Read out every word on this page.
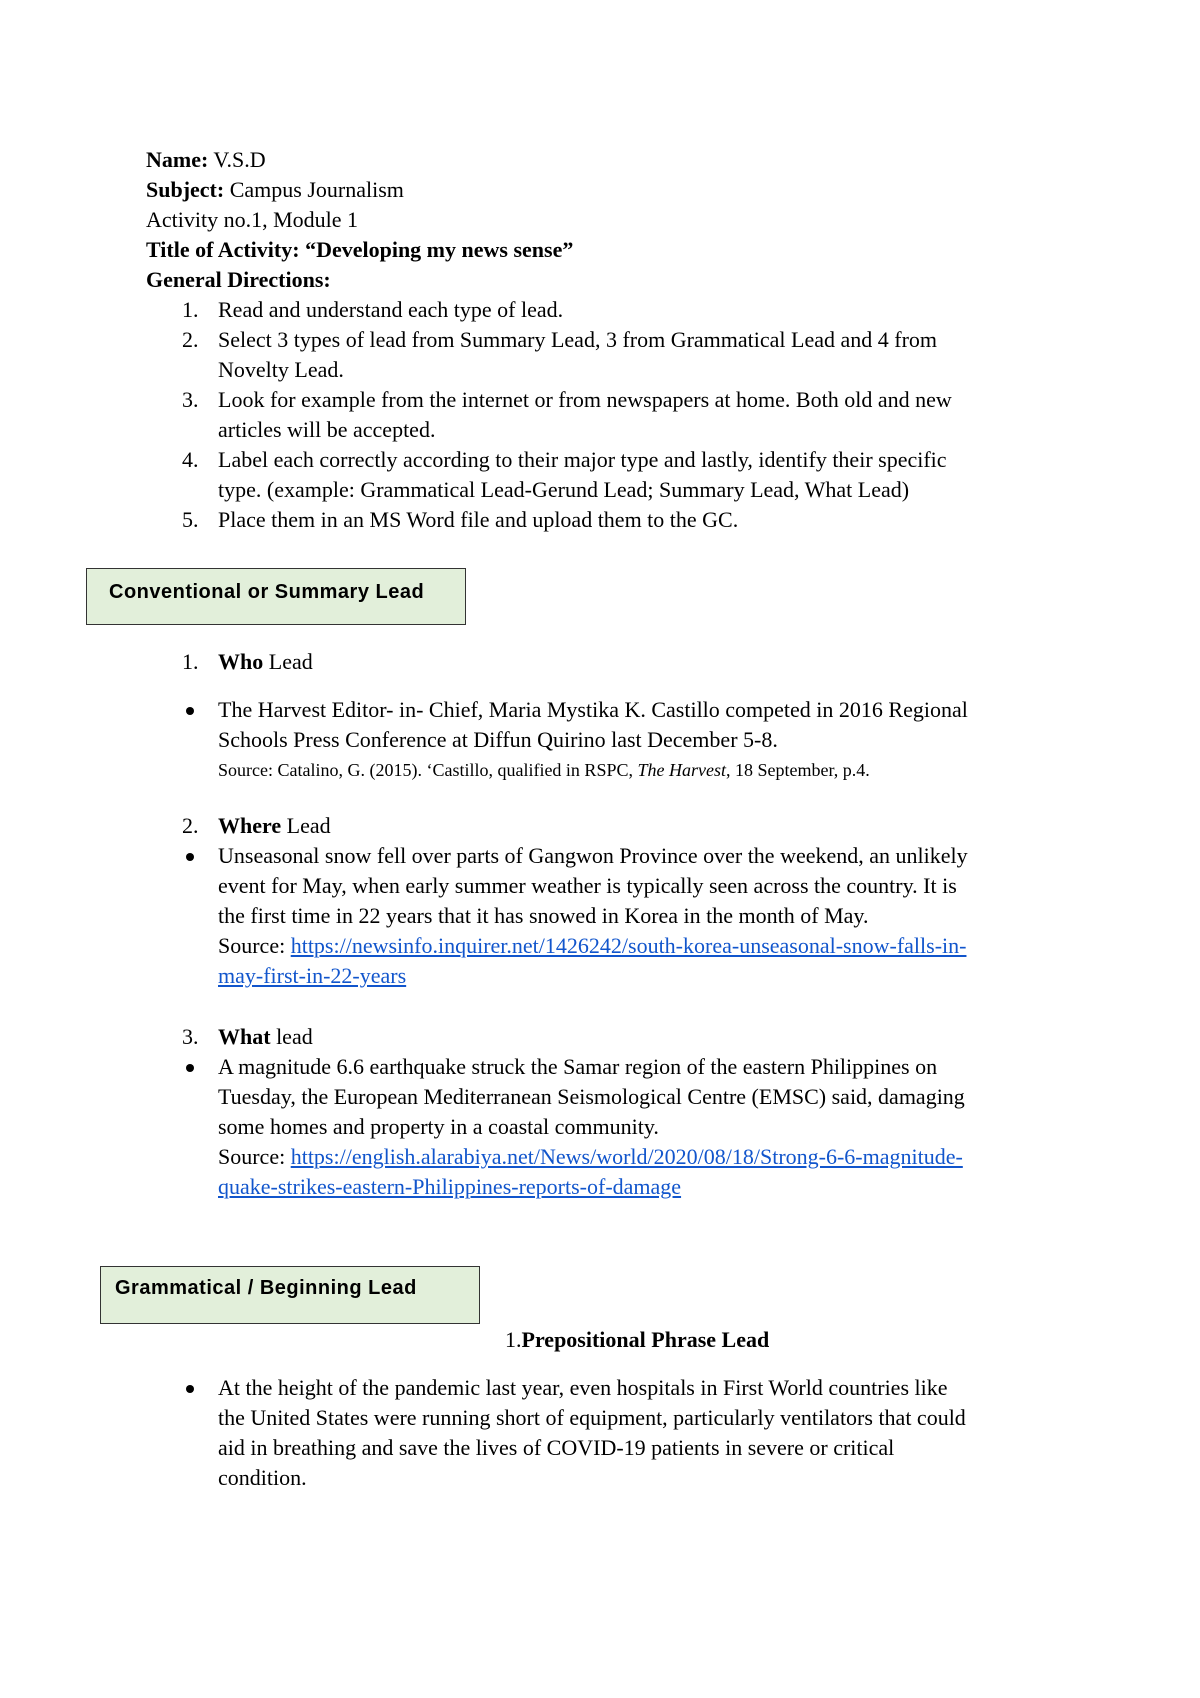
Name: V.S.D
Subject: Campus Journalism
Activity no.1, Module 1
Title of Activity: “Developing my news sense”
General Directions:
1. Read and understand each type of lead.
2. Select 3 types of lead from Summary Lead, 3 from Grammatical Lead and 4 from
Novelty Lead.
3. Look for example from the internet or from newspapers at home. Both old and new
articles will be accepted.
4. Label each correctly according to their major type and lastly, identify their specific
type. (example: Grammatical Lead-Gerund Lead; Summary Lead, What Lead)
5. Place them in an MS Word file and upload them to the GC.
Conventional or Summary Lead
1. Who Lead
The Harvest Editor- in- Chief, Maria Mystika K. Castillo competed in 2016 Regional
Schools Press Conference at Diffun Quirino last December 5-8.
Source: Catalino, G. (2015). ‘Castillo, qualified in RSPC, The Harvest, 18 September, p.4.
2. Where Lead
Unseasonal snow fell over parts of Gangwon Province over the weekend, an unlikely
event for May, when early summer weather is typically seen across the country. It is
the first time in 22 years that it has snowed in Korea in the month of May.
Source: https://newsinfo.inquirer.net/1426242/south-korea-unseasonal-snow-falls-in-
may-first-in-22-years
3. What lead
A magnitude 6.6 earthquake struck the Samar region of the eastern Philippines on
Tuesday, the European Mediterranean Seismological Centre (EMSC) said, damaging
some homes and property in a coastal community.
Source: https://english.alarabiya.net/News/world/2020/08/18/Strong-6-6-magnitude-
quake-strikes-eastern-Philippines-reports-of-damage
Grammatical / Beginning Lead
1.Prepositional Phrase Lead
At the height of the pandemic last year, even hospitals in First World countries like
the United States were running short of equipment, particularly ventilators that could
aid in breathing and save the lives of COVID-19 patients in severe or critical
condition.
